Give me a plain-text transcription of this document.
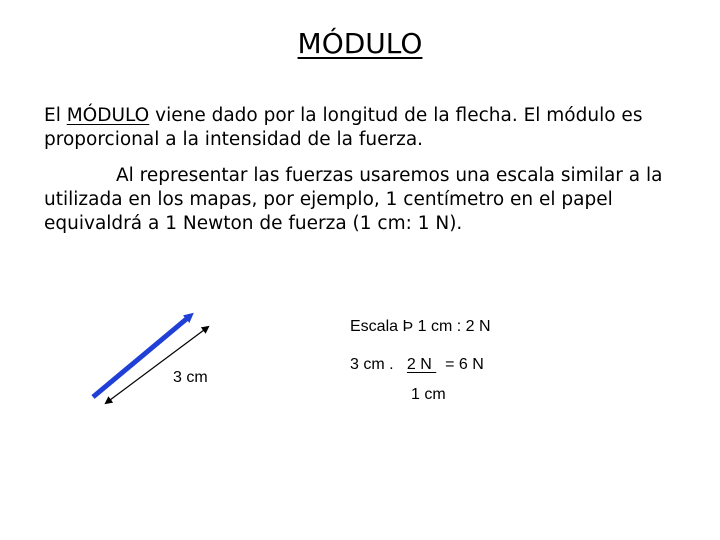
MÓDULO

El MÓDULO viene dado por la longitud de la flecha. El módulo es proporcional a la intensidad de la fuerza.

Al representar las fuerzas usaremos una escala similar a la utilizada en los mapas, por ejemplo, 1 centímetro en el papel equivaldrá a 1 Newton de fuerza (1 cm: 1 N).

3 cm
Escala Þ 1 cm : 2 N
3 cm . 2 N   = 6 N
1 cm
